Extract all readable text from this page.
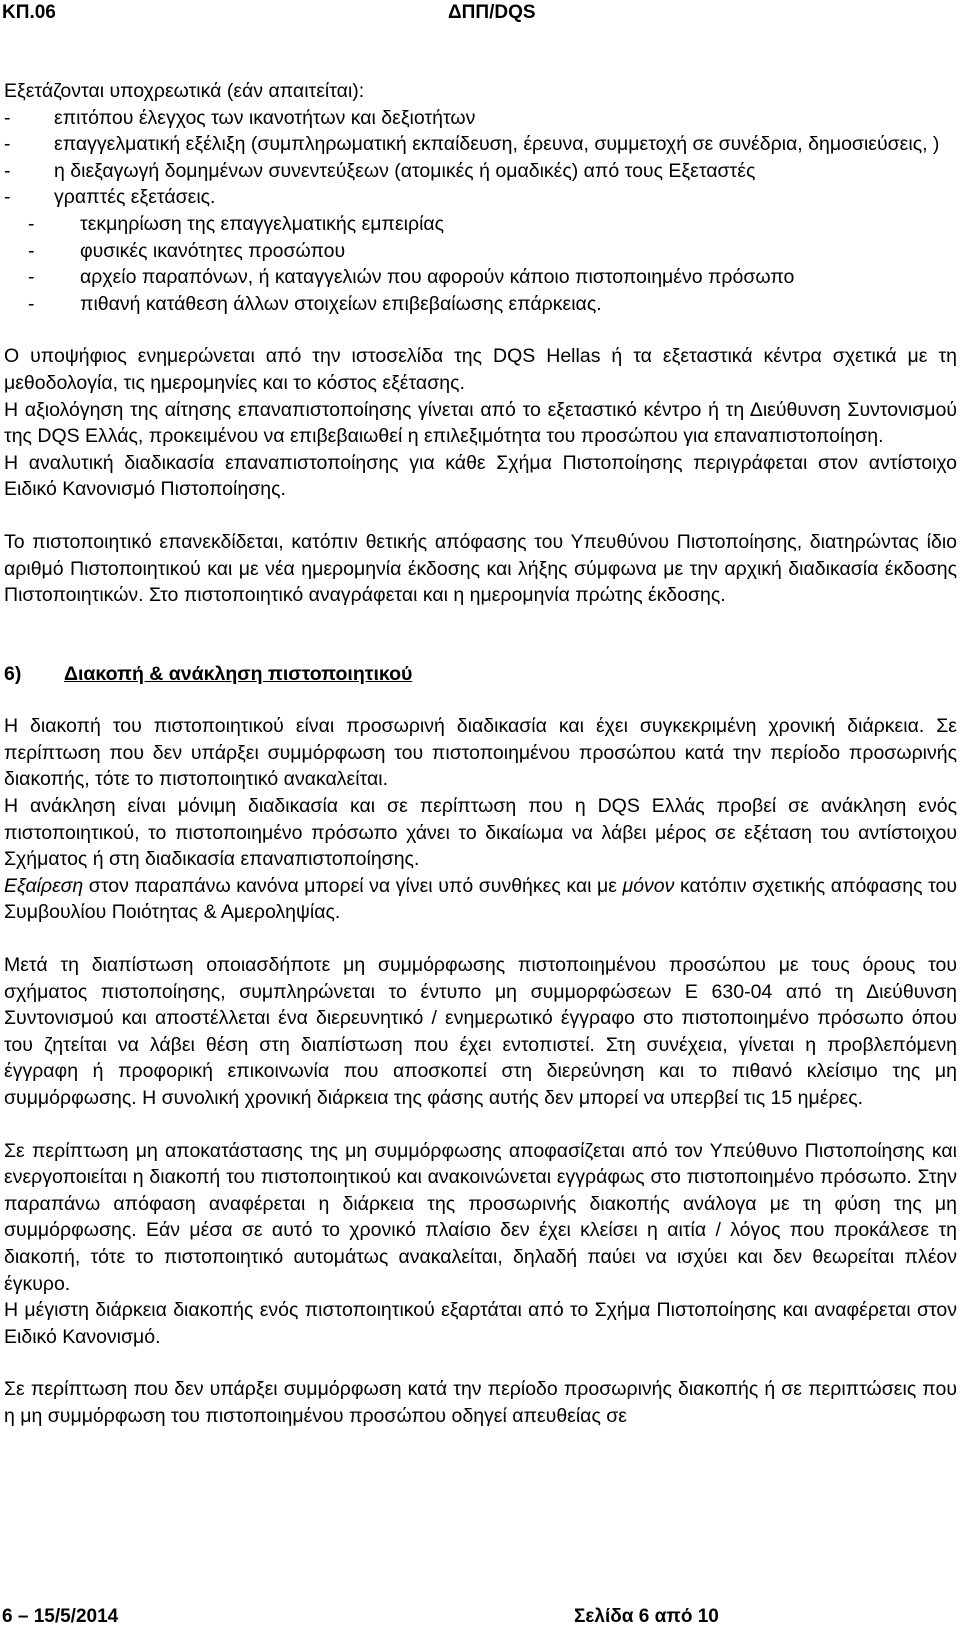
ΚΠ.06	ΔΠΠ/DQS

Εξετάζονται υποχρεωτικά (εάν απαιτείται):

- επιτόπου έλεγχος των ικανοτήτων και δεξιοτήτων
- επαγγελματική εξέλιξη (συμπληρωματική εκπαίδευση, έρευνα, συμμετοχή σε συνέδρια, δημοσιεύσεις, )
- η διεξαγωγή δομημένων συνεντεύξεων (ατομικές ή ομαδικές) από τους Εξεταστές
- γραπτές εξετάσεις.
- τεκμηρίωση της επαγγελματικής εμπειρίας
- φυσικές ικανότητες προσώπου
- αρχείο παραπόνων, ή καταγγελιών που αφορούν κάποιο πιστοποιημένο πρόσωπο
- πιθανή κατάθεση άλλων στοιχείων επιβεβαίωσης επάρκειας.

Ο υποψήφιος ενημερώνεται από την ιστοσελίδα της DQS Hellas ή τα εξεταστικά κέντρα σχετικά με τη μεθοδολογία, τις ημερομηνίες και το κόστος εξέτασης.

Η αξιολόγηση της αίτησης επαναπιστοποίησης γίνεται από το εξεταστικό κέντρο ή τη Διεύθυνση Συντονισμού της DQS Ελλάς, προκειμένου να επιβεβαιωθεί η επιλεξιμότητα του προσώπου για επαναπιστοποίηση.

Η αναλυτική διαδικασία επαναπιστοποίησης για κάθε Σχήμα Πιστοποίησης περιγράφεται στον αντίστοιχο Ειδικό Κανονισμό Πιστοποίησης.

Το πιστοποιητικό επανεκδίδεται, κατόπιν θετικής απόφασης του Υπευθύνου Πιστοποίησης, διατηρώντας ίδιο αριθμό Πιστοποιητικού και με νέα ημερομηνία έκδοσης και λήξης σύμφωνα με την αρχική διαδικασία έκδοσης Πιστοποιητικών. Στο πιστοποιητικό αναγράφεται και η ημερομηνία πρώτης έκδοσης.

6) Διακοπή & ανάκληση πιστοποιητικού

Η διακοπή του πιστοποιητικού είναι προσωρινή διαδικασία και έχει συγκεκριμένη χρονική διάρκεια. Σε περίπτωση που δεν υπάρξει συμμόρφωση του πιστοποιημένου προσώπου κατά την περίοδο προσωρινής διακοπής, τότε το πιστοποιητικό ανακαλείται.

Η ανάκληση είναι μόνιμη διαδικασία και σε περίπτωση που η DQS Ελλάς προβεί σε ανάκληση ενός πιστοποιητικού, το πιστοποιημένο πρόσωπο χάνει το δικαίωμα να λάβει μέρος σε εξέταση του αντίστοιχου Σχήματος ή στη διαδικασία επαναπιστοποίησης.

Εξαίρεση στον παραπάνω κανόνα μπορεί να γίνει υπό συνθήκες και με μόνον κατόπιν σχετικής απόφασης του Συμβουλίου Ποιότητας & Αμεροληψίας.

Μετά τη διαπίστωση οποιασδήποτε μη συμμόρφωσης πιστοποιημένου προσώπου με τους όρους του σχήματος πιστοποίησης, συμπληρώνεται το έντυπο μη συμμορφώσεων Ε 630-04 από τη Διεύθυνση Συντονισμού και αποστέλλεται ένα διερευνητικό / ενημερωτικό έγγραφο στο πιστοποιημένο πρόσωπο όπου του ζητείται να λάβει θέση στη διαπίστωση που έχει εντοπιστεί. Στη συνέχεια, γίνεται η προβλεπόμενη έγγραφη ή προφορική επικοινωνία που αποσκοπεί στη διερεύνηση και το πιθανό κλείσιμο της μη συμμόρφωσης. Η συνολική χρονική διάρκεια της φάσης αυτής δεν μπορεί να υπερβεί τις 15 ημέρες.

Σε περίπτωση μη αποκατάστασης της μη συμμόρφωσης αποφασίζεται από τον Υπεύθυνο Πιστοποίησης και ενεργοποιείται η διακοπή του πιστοποιητικού και ανακοινώνεται εγγράφως στο πιστοποιημένο πρόσωπο. Στην παραπάνω απόφαση αναφέρεται η διάρκεια της προσωρινής διακοπής ανάλογα με τη φύση της μη συμμόρφωσης. Εάν μέσα σε αυτό το χρονικό πλαίσιο δεν έχει κλείσει η αιτία / λόγος που προκάλεσε τη διακοπή, τότε το πιστοποιητικό αυτομάτως ανακαλείται, δηλαδή παύει να ισχύει και δεν θεωρείται πλέον έγκυρο.

Η μέγιστη διάρκεια διακοπής ενός πιστοποιητικού εξαρτάται από το Σχήμα Πιστοποίησης και αναφέρεται στον Ειδικό Κανονισμό.

Σε περίπτωση που δεν υπάρξει συμμόρφωση κατά την περίοδο προσωρινής διακοπής ή σε περιπτώσεις που η μη συμμόρφωση του πιστοποιημένου προσώπου οδηγεί απευθείας σε

6 – 15/5/2014	Σελίδα 6 από 10
